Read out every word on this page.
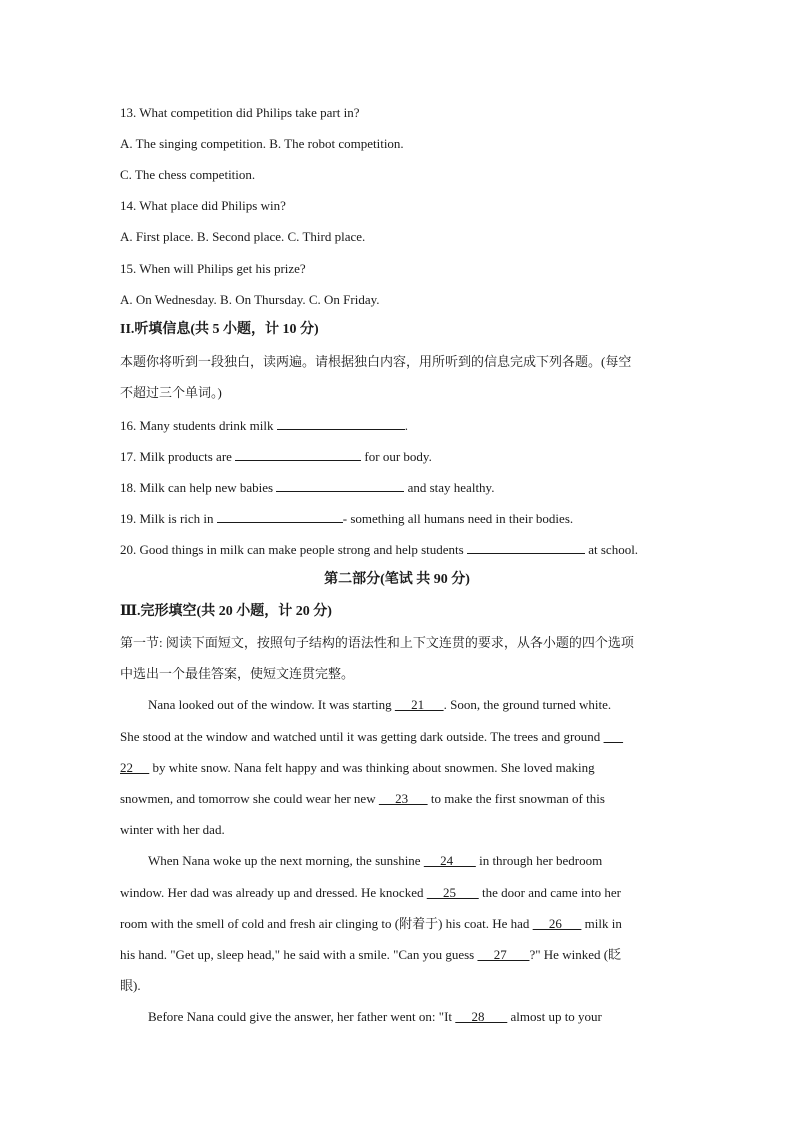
13. What competition did Philips take part in?
A. The singing competition. B. The robot competition.
C. The chess competition.
14. What place did Philips win?
A. First place. B. Second place. C. Third place.
15. When will Philips get his prize?
A. On Wednesday. B. On Thursday. C. On Friday.
II.听填信息(共 5 小题，计 10 分)
本题你将听到一段独白，读两遍。请根据独白内容，用所听到的信息完成下列各题。(每空
不超过三个单词。)
16. Many students drink milk	.
17. Milk products are	for our body.
18. Milk can help new babies	and stay healthy.
19. Milk is rich in	- something all humans need in their bodies.
20. Good things in milk can make people strong and help students	at school.
第二部分(笔试 共 90 分)
Ⅲ.完形填空(共 20 小题，计 20 分)
第一节: 阅读下面短文，按照句子结构的语法性和上下文连贯的要求，从各小题的四个选项
中选出一个最佳答案，使短文连贯完整。
Nana looked out of the window. It was starting      21      . Soon, the ground turned white.
She stood at the window and watched until it was getting dark outside. The trees and ground
22      by white snow. Nana felt happy and was thinking about snowmen. She loved making
snowmen, and tomorrow she could wear her new      23       to make the first snowman of this
winter with her dad.
When Nana woke up the next morning, the sunshine      24        in through her bedroom
window. Her dad was already up and dressed. He knocked      25        the door and came into her
room with the smell of cold and fresh air clinging to (附着于) his coat. He had      26       milk in
his hand. "Get up, sleep head," he said with a smile. "Can you guess      27       ?" He winked (眨
眼).
Before Nana could give the answer, her father went on: "It      28        almost up to your
